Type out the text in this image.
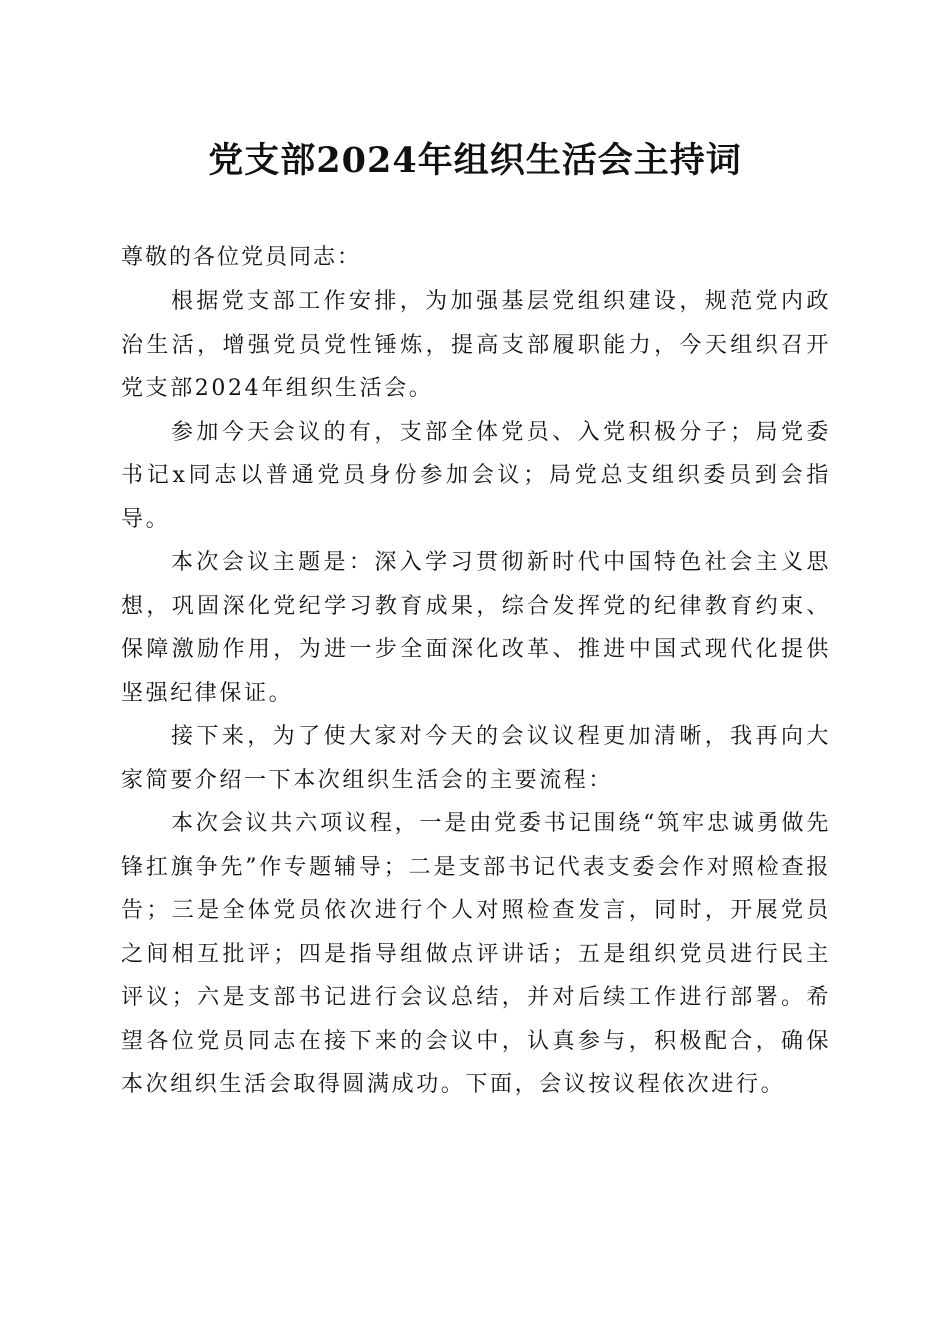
党支部2024年组织生活会主持词

尊敬的各位党员同志：

根据党支部工作安排，为加强基层党组织建设，规范党内政治生活，增强党员党性锤炼，提高支部履职能力，今天组织召开党支部2024年组织生活会。

参加今天会议的有，支部全体党员、入党积极分子；局党委书记x同志以普通党员身份参加会议；局党总支组织委员到会指导。

本次会议主题是：深入学习贯彻新时代中国特色社会主义思想，巩固深化党纪学习教育成果，综合发挥党的纪律教育约束、保障激励作用，为进一步全面深化改革、推进中国式现代化提供坚强纪律保证。

接下来，为了使大家对今天的会议议程更加清晰，我再向大家简要介绍一下本次组织生活会的主要流程：

本次会议共六项议程，一是由党委书记围绕“筑牢忠诚勇做先锋扛旗争先”作专题辅导；二是支部书记代表支委会作对照检查报告；三是全体党员依次进行个人对照检查发言，同时，开展党员之间相互批评；四是指导组做点评讲话；五是组织党员进行民主评议；六是支部书记进行会议总结，并对后续工作进行部署。希望各位党员同志在接下来的会议中，认真参与，积极配合，确保本次组织生活会取得圆满成功。下面，会议按议程依次进行。
